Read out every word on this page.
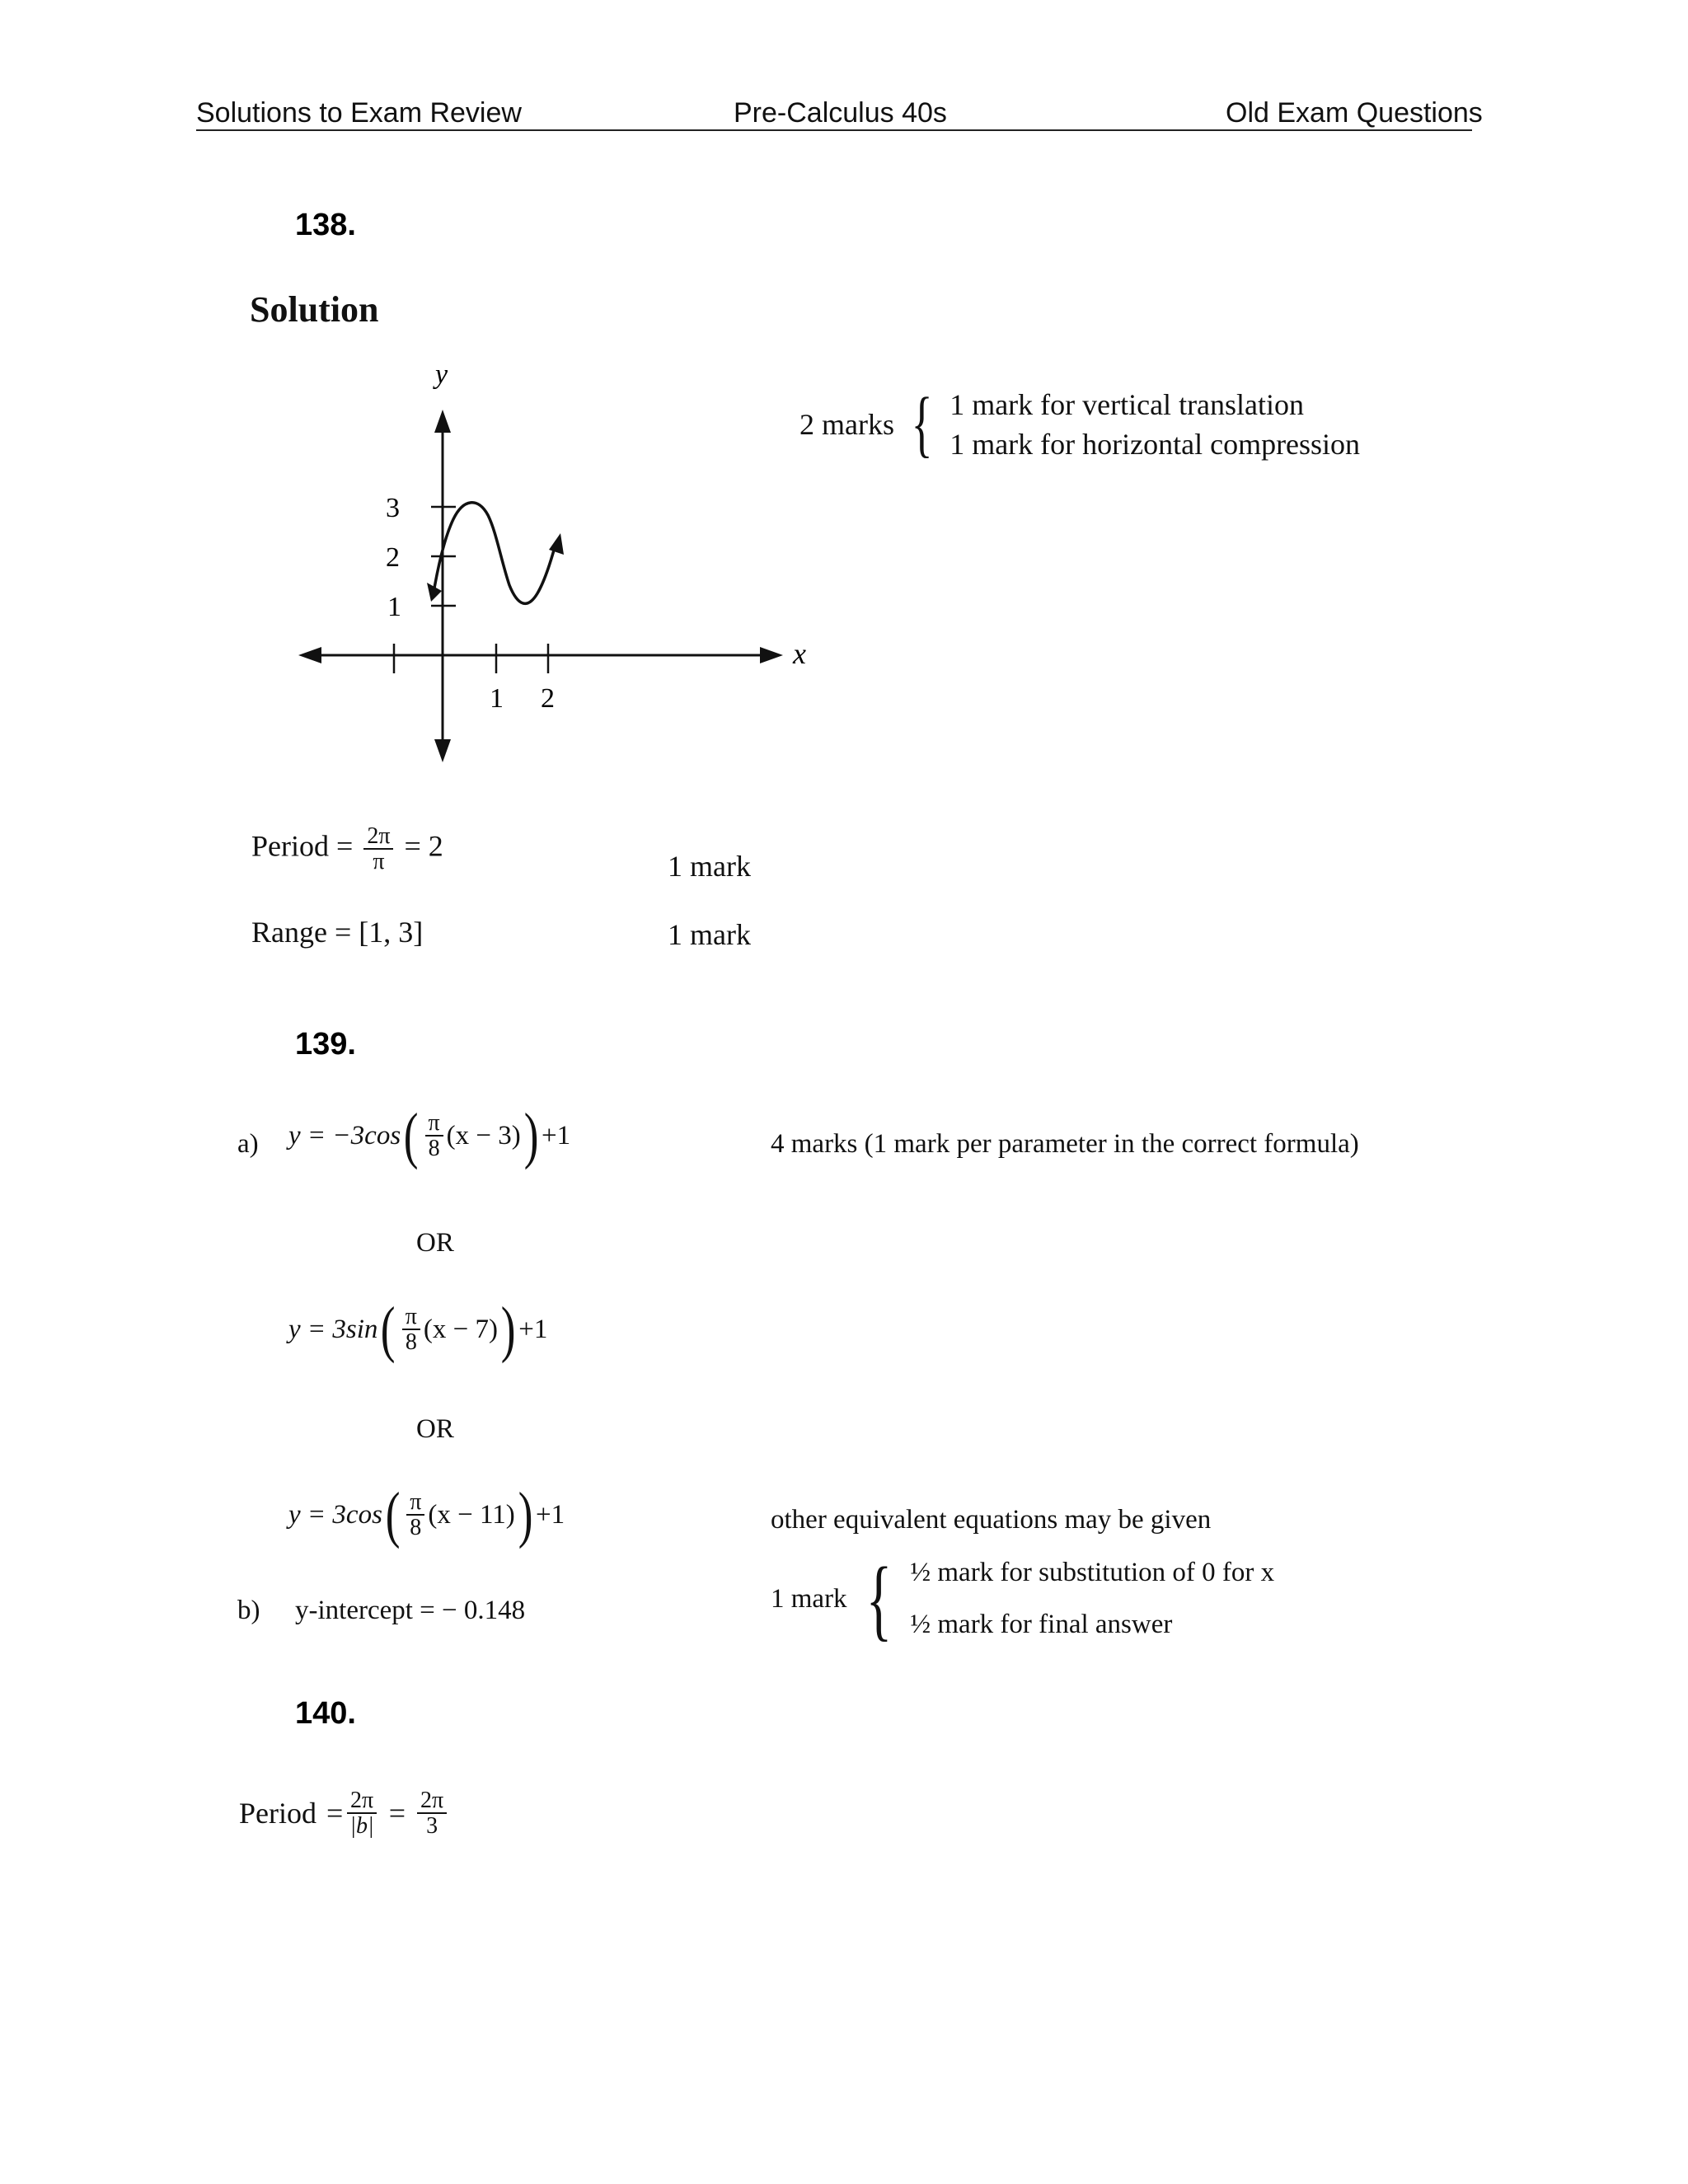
Solutions to Exam Review	Pre-Calculus 40s	Old Exam Questions
138.
Solution
y
x
3
2
1
1 2
2 marks { 1 mark for vertical translation
1 mark for horizontal compression
Period = $\frac{2\pi}{\pi} = 2$
1 mark
Range = [1, 3]	1 mark
139.
a) y = −3cos ( $\frac{\pi}{8} (x - 3)$ ) +1	4 marks (1 mark per parameter in the correct formula)
OR
y = 3sin ( $\frac{\pi}{8} (x - 7)$ ) +1
OR
y = 3cos ( $\frac{\pi}{8} (x - 11)$ ) +1	other equivalent equations may be given
b) y-intercept = − 0.148	1 mark { ½ mark for substitution of 0 for x
½ mark for final answer
140.
Period = $\frac{2\pi}{|b|} = \frac{2\pi}{3}$
